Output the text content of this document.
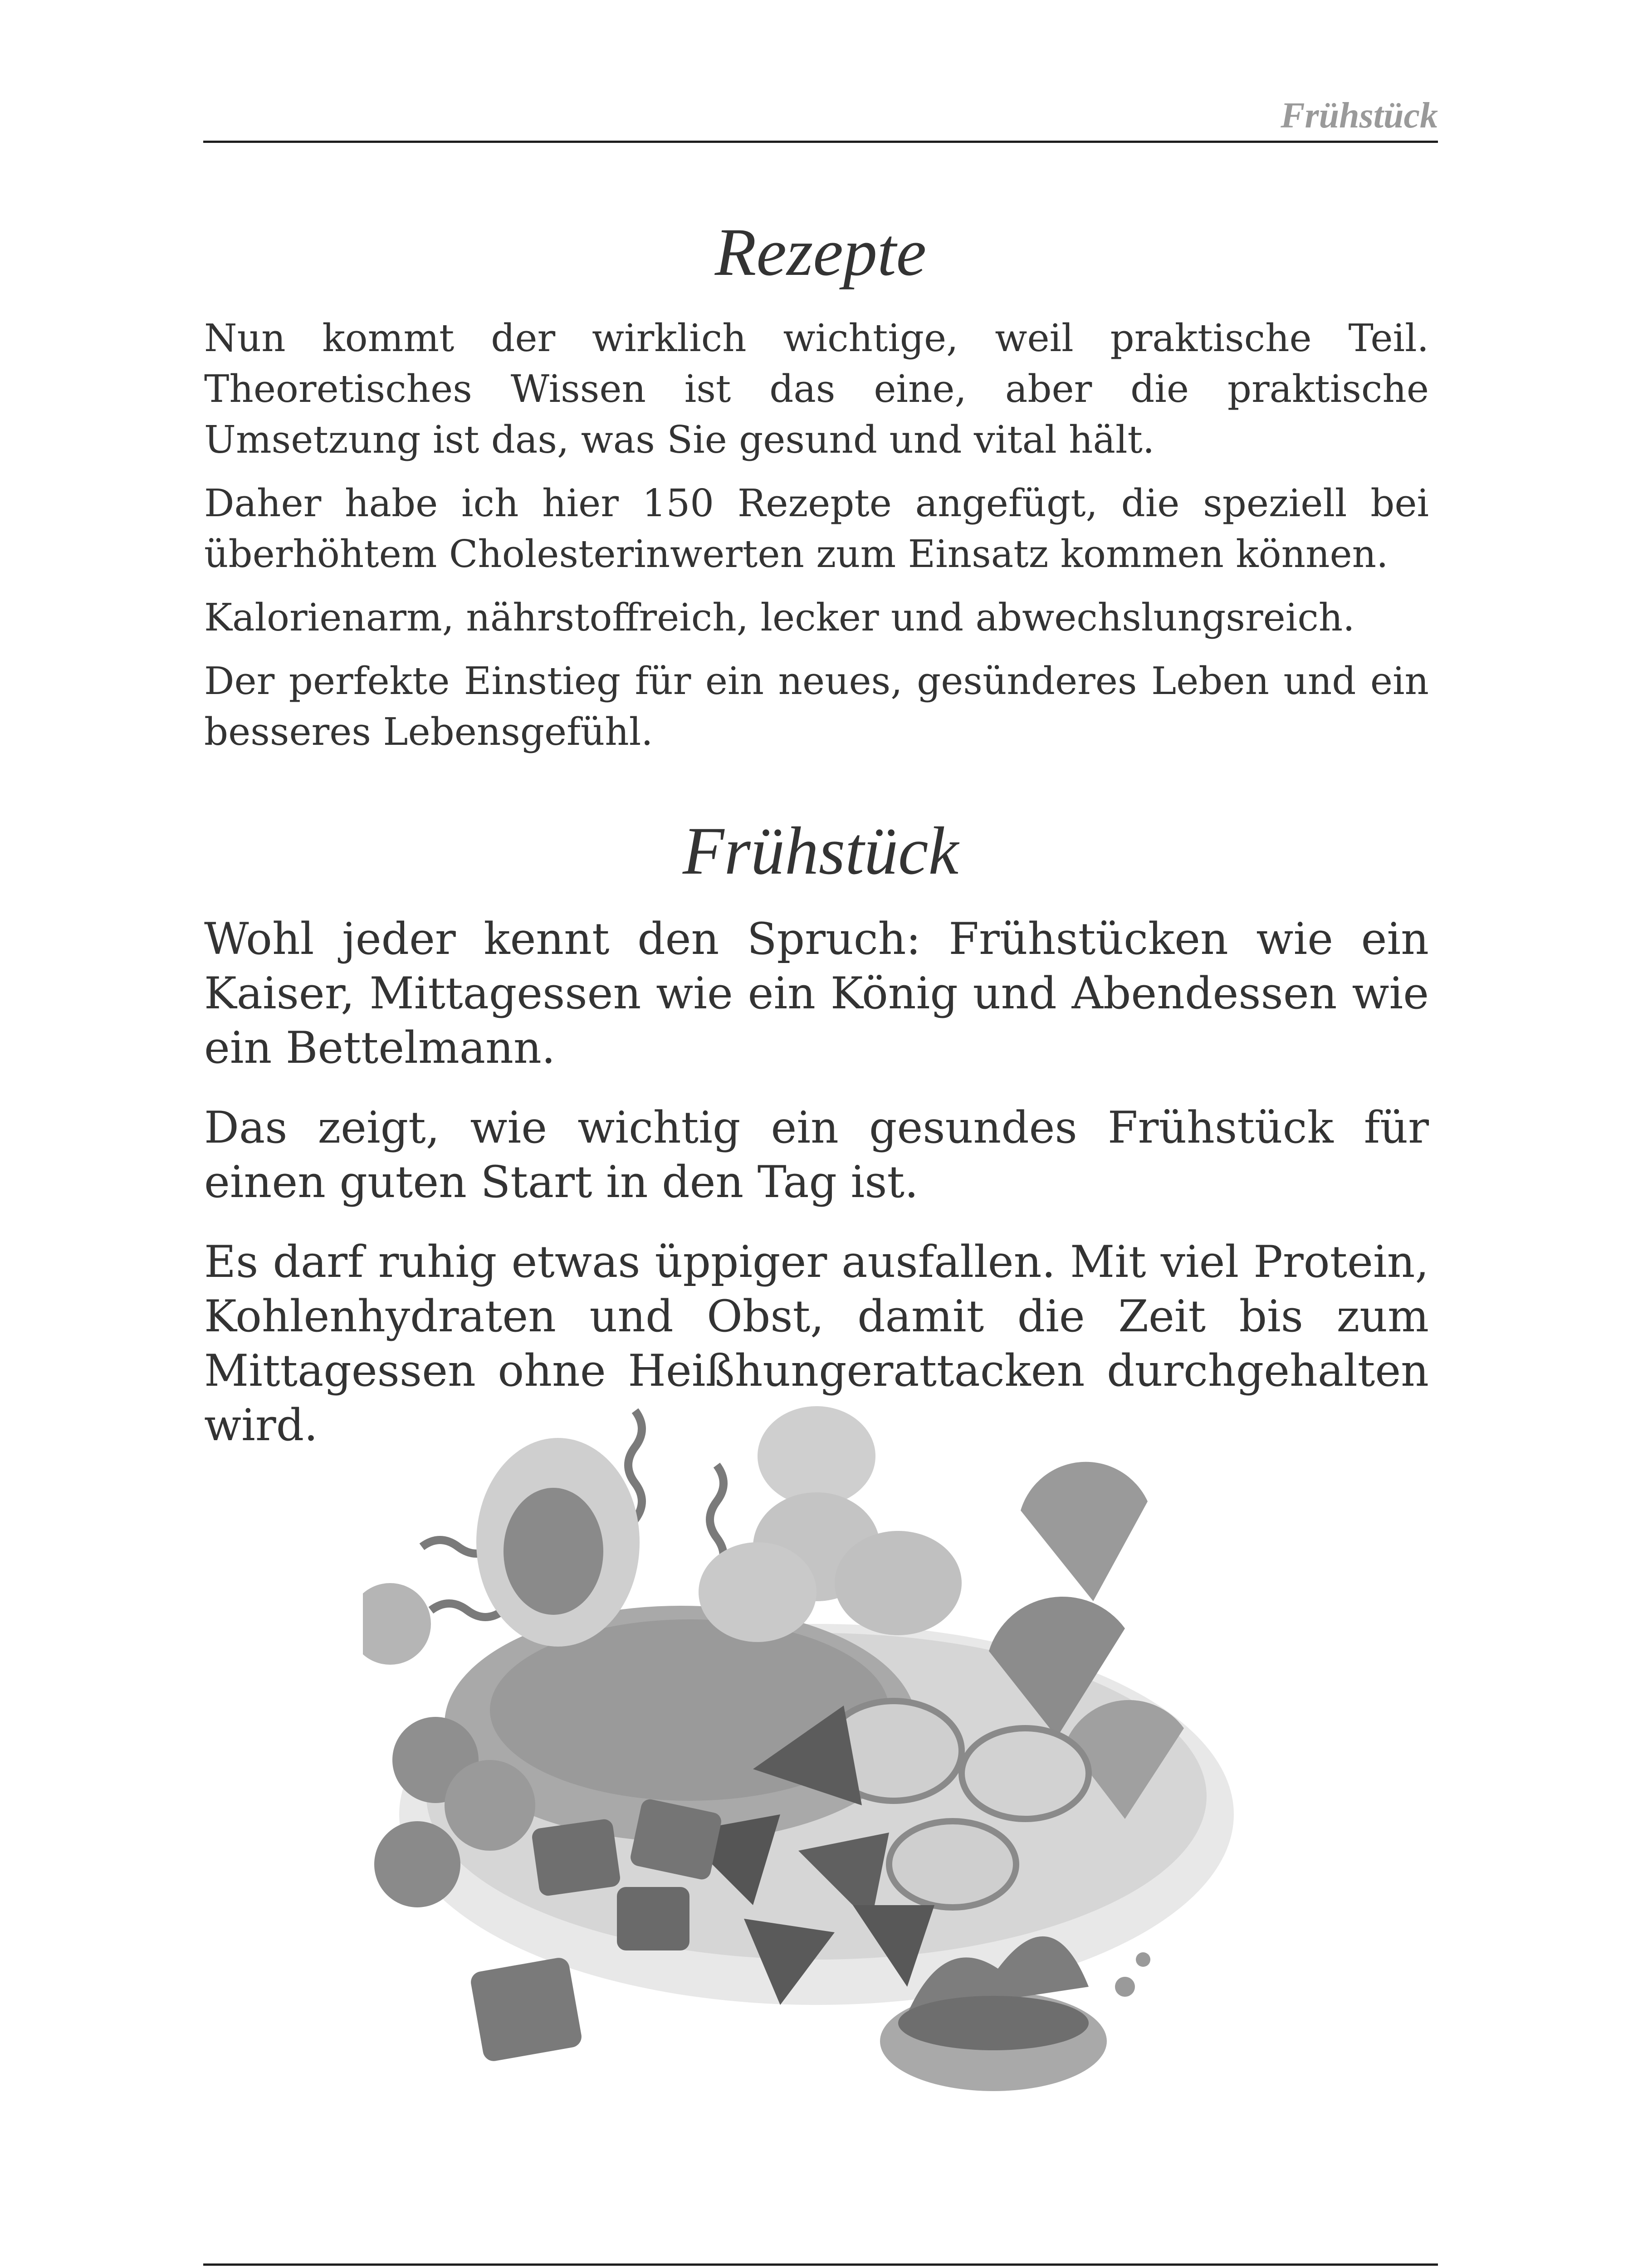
Frühstück
Rezepte

Nun kommt der wirklich wichtige, weil praktische Teil. Theoretisches Wissen ist das eine, aber die praktische Umsetzung ist das, was Sie gesund und vital hält.

Daher habe ich hier 150 Rezepte angefügt, die speziell bei überhöhtem Cholesterinwerten zum Einsatz kommen können.

Kalorienarm, nährstoffreich, lecker und abwechslungsreich.

Der perfekte Einstieg für ein neues, gesünderes Leben und ein besseres Lebensgefühl.

Frühstück

Wohl jeder kennt den Spruch: Frühstücken wie ein Kaiser, Mittagessen wie ein König und Abendessen wie ein Bettelmann.

Das zeigt, wie wichtig ein gesundes Frühstück für einen guten Start in den Tag ist.

Es darf ruhig etwas üppiger ausfallen. Mit viel Protein, Kohlenhydraten und Obst, damit die Zeit bis zum Mittagessen ohne Heißhungerattacken durchgehalten wird.
